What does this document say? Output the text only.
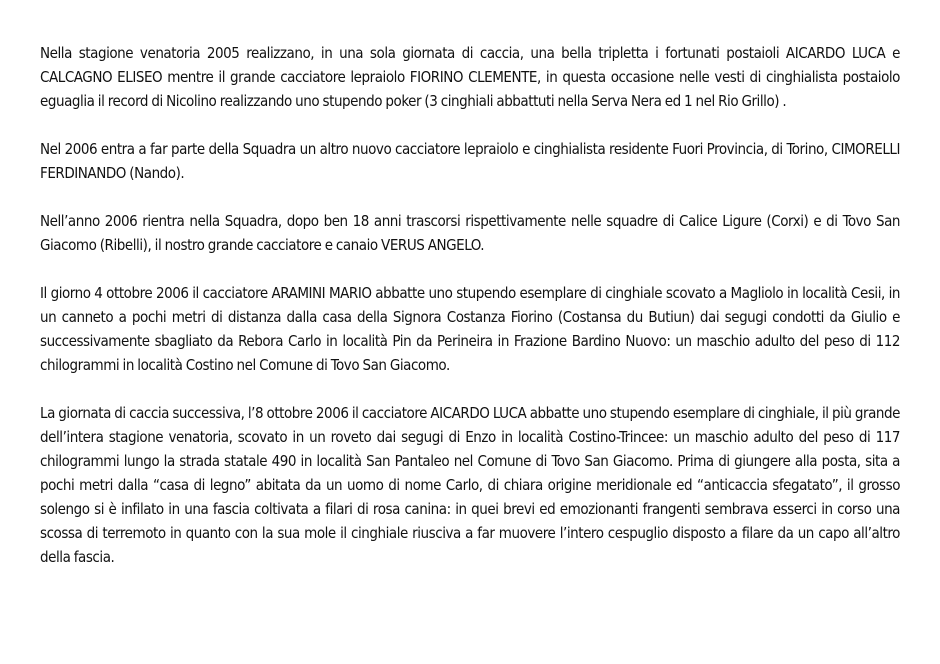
Nella stagione venatoria 2005 realizzano, in una sola giornata di caccia, una bella tripletta i fortunati postaioli AICARDO LUCA e CALCAGNO ELISEO mentre il grande cacciatore lepraiolo FIORINO CLEMENTE, in questa occasione nelle vesti di cinghialista postaiolo eguaglia il record di Nicolino realizzando uno stupendo poker (3 cinghiali abbattuti nella Serva Nera ed 1 nel Rio Grillo) .

Nel 2006 entra a far parte della Squadra un altro nuovo cacciatore lepraiolo e cinghialista residente Fuori Provincia, di Torino, CIMORELLI FERDINANDO (Nando).

Nell’anno 2006 rientra nella Squadra, dopo ben 18 anni trascorsi rispettivamente nelle squadre di Calice Ligure (Corxi) e di Tovo San Giacomo (Ribelli), il nostro grande cacciatore e canaio VERUS ANGELO.

Il giorno 4 ottobre 2006 il cacciatore ARAMINI MARIO abbatte uno stupendo esemplare di cinghiale scovato a Magliolo in località Cesii, in un canneto a pochi metri di distanza dalla casa della Signora Costanza Fiorino (Costansa du Butiun) dai segugi condotti da Giulio e successivamente sbagliato da Rebora Carlo in località Pin da Perineira in Frazione Bardino Nuovo: un maschio adulto del peso di 112 chilogrammi in località Costino nel Comune di Tovo San Giacomo.

La giornata di caccia successiva, l’8 ottobre 2006 il cacciatore AICARDO LUCA abbatte uno stupendo esemplare di cinghiale, il più grande dell’intera stagione venatoria, scovato in un roveto dai segugi di Enzo in località Costino-Trincee: un maschio adulto del peso di 117 chilogrammi lungo la strada statale 490 in località San Pantaleo nel Comune di Tovo San Giacomo. Prima di giungere alla posta, sita a pochi metri dalla “casa di legno” abitata da un uomo di nome Carlo, di chiara origine meridionale ed “anticaccia sfegatato”, il grosso solengo si è infilato in una fascia coltivata a filari di rosa canina: in quei brevi ed emozionanti frangenti sembrava esserci in corso una scossa di terremoto in quanto con la sua mole il cinghiale riusciva a far muovere l’intero cespuglio disposto a filare da un capo all’altro della fascia.
